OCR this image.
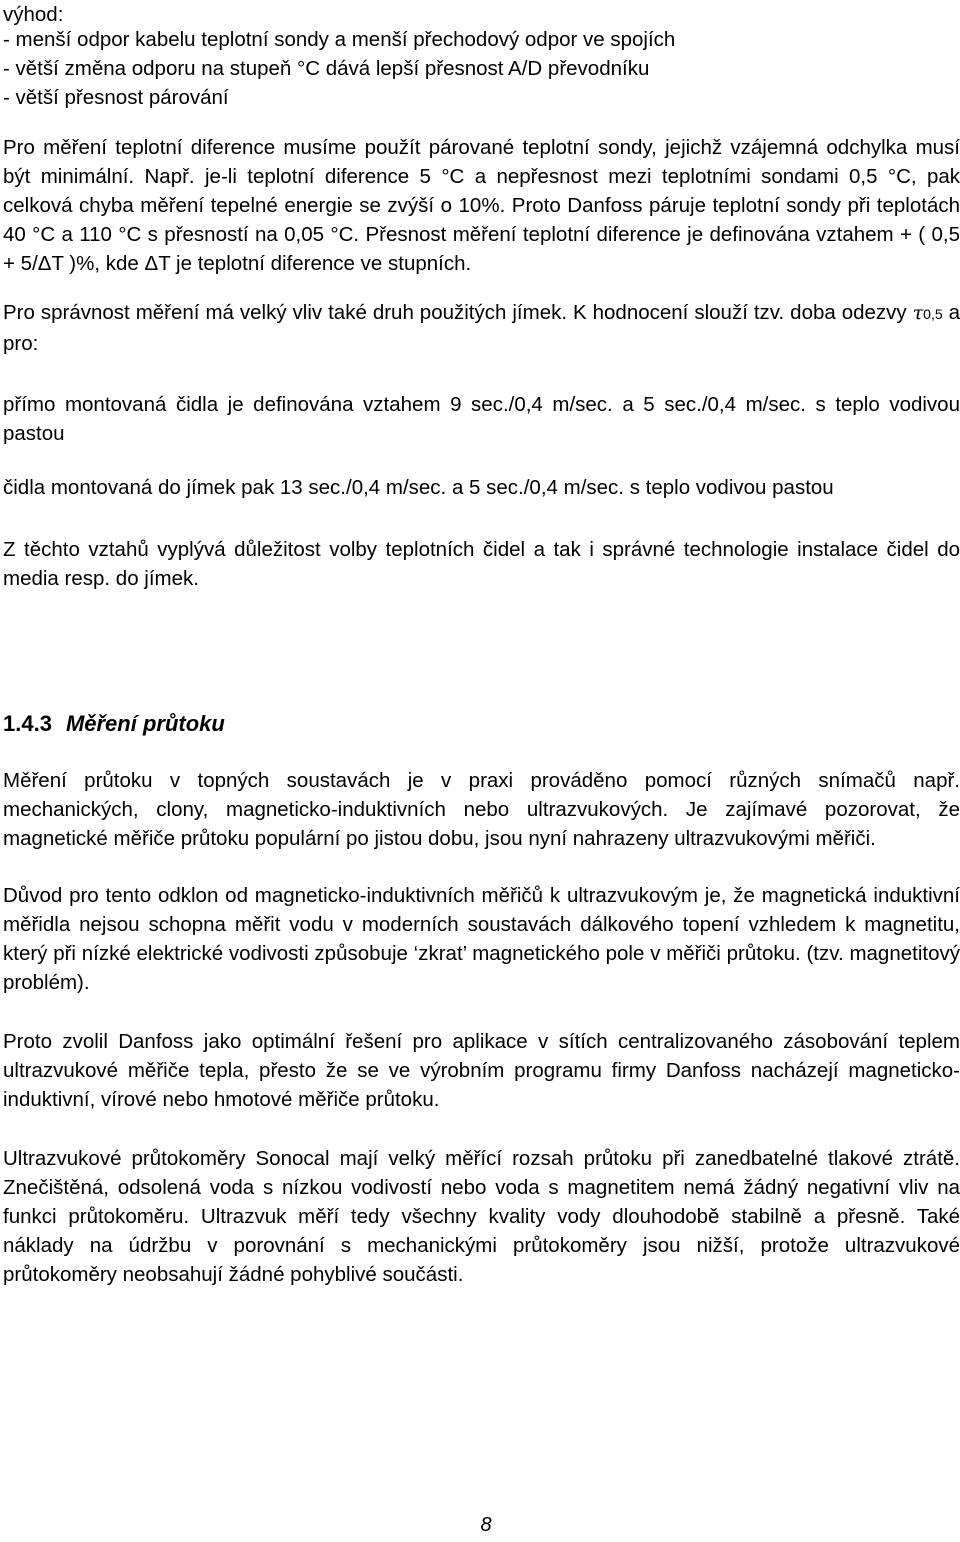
výhod:
- menší odpor kabelu teplotní sondy a menší přechodový odpor ve spojích
- větší změna odporu na stupeň °C dává lepší přesnost A/D převodníku
- větší přesnost párování

Pro měření teplotní diference musíme použít párované teplotní sondy, jejichž vzájemná odchylka musí být minimální. Např. je-li teplotní diference 5 °C a nepřesnost mezi teplotními sondami 0,5 °C, pak celková chyba měření tepelné energie se zvýší o 10%. Proto Danfoss páruje teplotní sondy při teplotách 40 °C a 110 °C s přesností na 0,05 °C. Přesnost měření teplotní diference je definována vztahem + ( 0,5 + 5/ΔT )%, kde ΔT je teplotní diference ve stupních.

Pro správnost měření má velký vliv také druh použitých jímek. K hodnocení slouží tzv. doba odezvy τ0,5 a pro:

přímo montovaná čidla je definována vztahem 9 sec./0,4 m/sec. a 5 sec./0,4 m/sec. s teplo vodivou pastou

čidla montovaná do jímek pak 13 sec./0,4 m/sec. a 5 sec./0,4 m/sec. s teplo vodivou pastou

Z těchto vztahů vyplývá důležitost volby teplotních čidel a tak i správné technologie instalace čidel do media resp. do jímek.

1.4.3 Měření průtoku

Měření průtoku v topných soustavách je v praxi prováděno pomocí různých snímačů např. mechanických, clony, magneticko-induktivních nebo ultrazvukových. Je zajímavé pozorovat, že magnetické měřiče průtoku populární po jistou dobu, jsou nyní nahrazeny ultrazvukovými měřiči.

Důvod pro tento odklon od magneticko-induktivních měřičů k ultrazvukovým je, že magnetická induktivní měřidla nejsou schopna měřit vodu v moderních soustavách dálkového topení vzhledem k magnetitu, který při nízké elektrické vodivosti způsobuje ‘zkrat’ magnetického pole v měřiči průtoku. (tzv. magnetitový problém).

Proto zvolil Danfoss jako optimální řešení pro aplikace v sítích centralizovaného zásobování teplem ultrazvukové měřiče tepla, přesto že se ve výrobním programu firmy Danfoss nacházejí magneticko-induktivní, vírové nebo hmotové měřiče průtoku.

Ultrazvukové průtokoměry Sonocal mají velký měřící rozsah průtoku při zanedbatelné tlakové ztrátě. Znečištěná, odsolená voda s nízkou vodivostí nebo voda s magnetitem nemá žádný negativní vliv na funkci průtokoměru. Ultrazvuk měří tedy všechny kvality vody dlouhodobě stabilně a přesně. Také náklady na údržbu v porovnání s mechanickými průtokoměry jsou nižší, protože ultrazvukové průtokoměry neobsahují žádné pohyblivé součásti.

8
